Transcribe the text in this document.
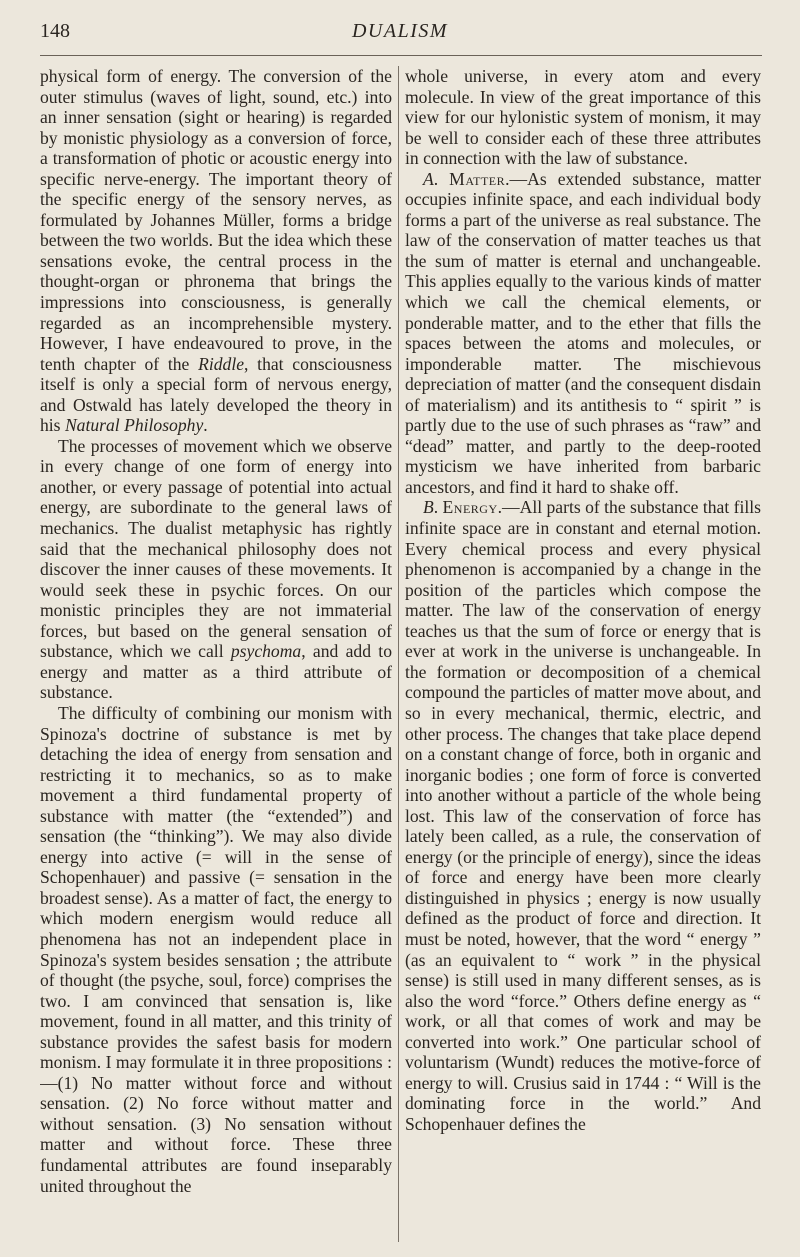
148	DUALISM

physical form of energy. The conversion of the outer stimulus (waves of light, sound, etc.) into an inner sensation (sight or hearing) is regarded by monistic physiology as a conversion of force, a transformation of photic or acoustic energy into specific nerve-energy. The important theory of the specific energy of the sensory nerves, as formulated by Johannes Müller, forms a bridge between the two worlds. But the idea which these sensations evoke, the central process in the thought-organ or phronema that brings the impressions into consciousness, is generally regarded as an incomprehensible mystery. However, I have endeavoured to prove, in the tenth chapter of the Riddle, that consciousness itself is only a special form of nervous energy, and Ostwald has lately developed the theory in his Natural Philosophy.

The processes of movement which we observe in every change of one form of energy into another, or every passage of potential into actual energy, are subordinate to the general laws of mechanics. The dualist metaphysic has rightly said that the mechanical philosophy does not discover the inner causes of these movements. It would seek these in psychic forces. On our monistic principles they are not immaterial forces, but based on the general sensation of substance, which we call psychoma, and add to energy and matter as a third attribute of substance.

The difficulty of combining our monism with Spinoza's doctrine of substance is met by detaching the idea of energy from sensation and restricting it to mechanics, so as to make movement a third fundamental property of substance with matter (the “extended”) and sensation (the “thinking”). We may also divide energy into active (= will in the sense of Schopenhauer) and passive (= sensation in the broadest sense). As a matter of fact, the energy to which modern energism would reduce all phenomena has not an independent place in Spinoza's system besides sensation ; the attribute of thought (the psyche, soul, force) comprises the two. I am convinced that sensation is, like movement, found in all matter, and this trinity of substance provides the safest basis for modern monism. I may formulate it in three propositions :—(1) No matter without force and without sensation. (2) No force without matter and without sensation. (3) No sensation without matter and without force. These three fundamental attributes are found inseparably united throughout the

whole universe, in every atom and every molecule. In view of the great importance of this view for our hylonistic system of monism, it may be well to consider each of these three attributes in connection with the law of substance.

A. Matter.—As extended substance, matter occupies infinite space, and each individual body forms a part of the universe as real substance. The law of the conservation of matter teaches us that the sum of matter is eternal and unchangeable. This applies equally to the various kinds of matter which we call the chemical elements, or ponderable matter, and to the ether that fills the spaces between the atoms and molecules, or imponderable matter. The mischievous depreciation of matter (and the consequent disdain of materialism) and its antithesis to “ spirit ” is partly due to the use of such phrases as “raw” and “dead” matter, and partly to the deep-rooted mysticism we have inherited from barbaric ancestors, and find it hard to shake off.

B. Energy.—All parts of the substance that fills infinite space are in constant and eternal motion. Every chemical process and every physical phenomenon is accompanied by a change in the position of the particles which compose the matter. The law of the conservation of energy teaches us that the sum of force or energy that is ever at work in the universe is unchangeable. In the formation or decomposition of a chemical compound the particles of matter move about, and so in every mechanical, thermic, electric, and other process. The changes that take place depend on a constant change of force, both in organic and inorganic bodies ; one form of force is converted into another without a particle of the whole being lost. This law of the conservation of force has lately been called, as a rule, the conservation of energy (or the principle of energy), since the ideas of force and energy have been more clearly distinguished in physics ; energy is now usually defined as the product of force and direction. It must be noted, however, that the word “ energy ” (as an equivalent to “ work ” in the physical sense) is still used in many different senses, as is also the word “force.” Others define energy as “ work, or all that comes of work and may be converted into work.” One particular school of voluntarism (Wundt) reduces the motive-force of energy to will. Crusius said in 1744 : “ Will is the dominating force in the world.” And Schopenhauer defines the
